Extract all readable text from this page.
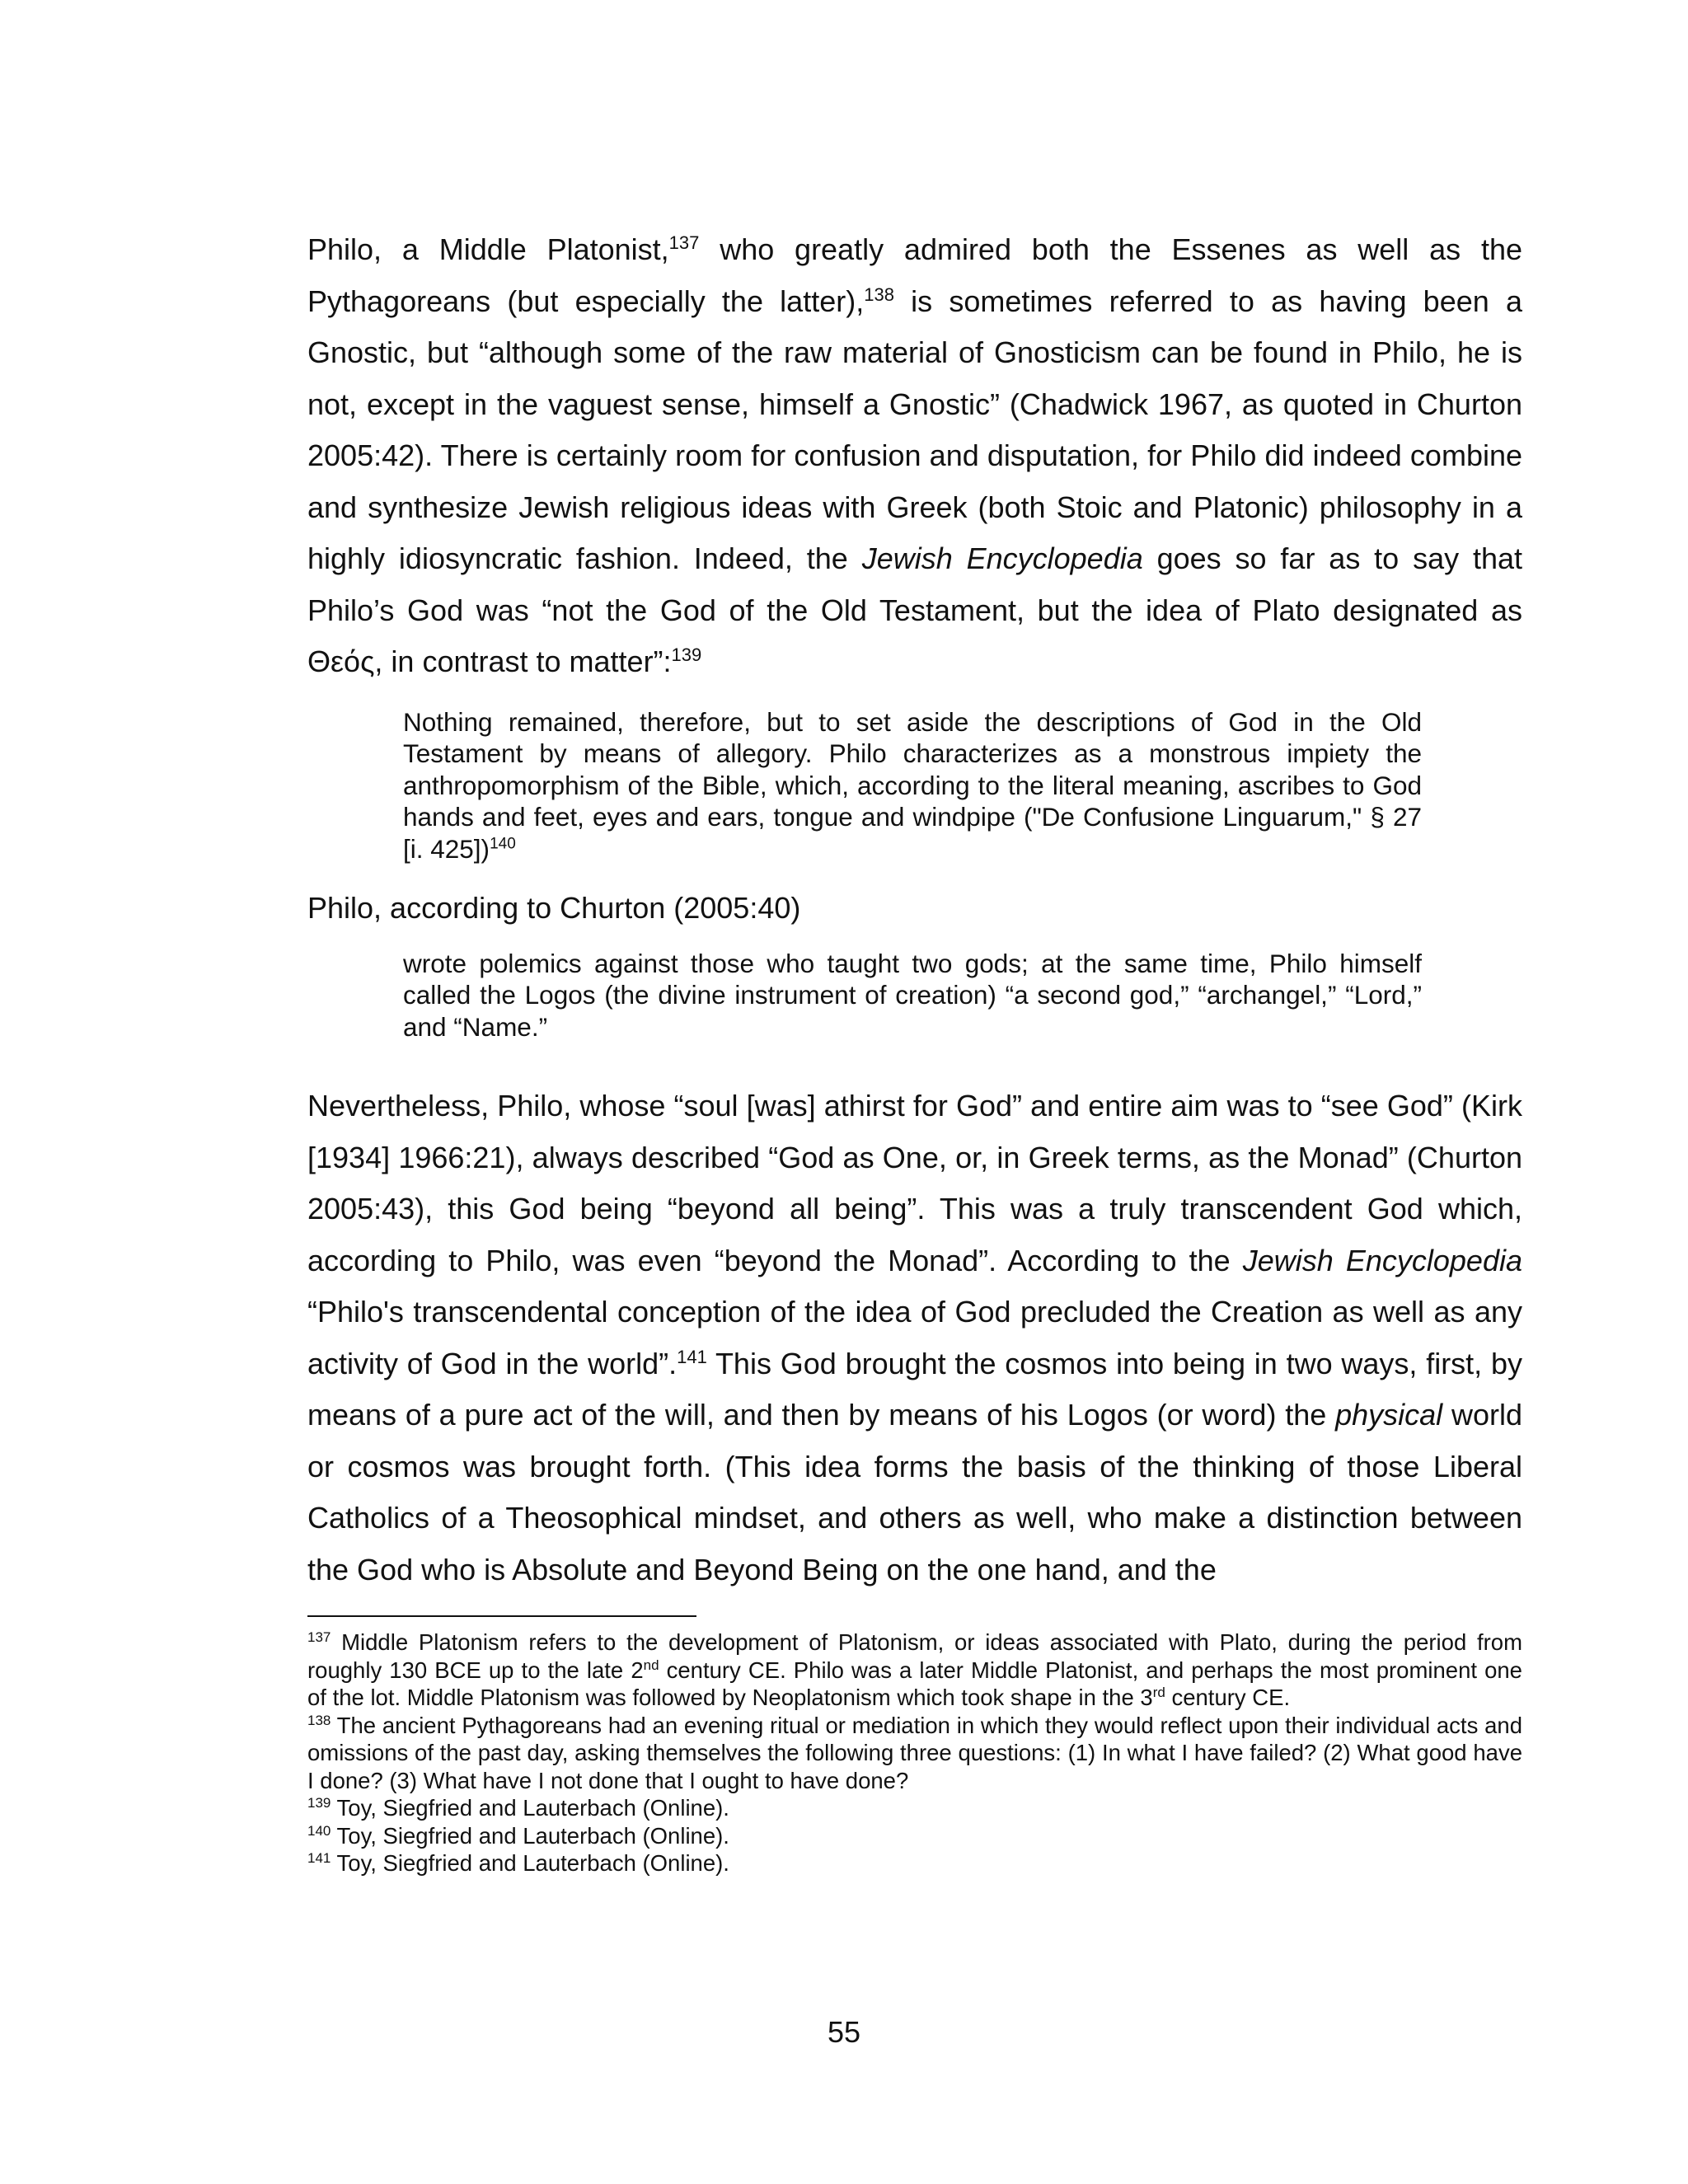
Philo, a Middle Platonist,$^{137}$ who greatly admired both the Essenes as well as the Pythagoreans (but especially the latter),$^{138}$ is sometimes referred to as having been a Gnostic, but “although some of the raw material of Gnosticism can be found in Philo, he is not, except in the vaguest sense, himself a Gnostic” (Chadwick 1967, as quoted in Churton 2005:42). There is certainly room for confusion and disputation, for Philo did indeed combine and synthesize Jewish religious ideas with Greek (both Stoic and Platonic) philosophy in a highly idiosyncratic fashion. Indeed, the Jewish Encyclopedia goes so far as to say that Philo’s God was “not the God of the Old Testament, but the idea of Plato designated as Θεός, in contrast to matter”:$^{139}$

Nothing remained, therefore, but to set aside the descriptions of God in the Old Testament by means of allegory. Philo characterizes as a monstrous impiety the anthropomorphism of the Bible, which, according to the literal meaning, ascribes to God hands and feet, eyes and ears, tongue and windpipe ("De Confusione Linguarum," § 27 [i. 425])$^{140}$

Philo, according to Churton (2005:40)

wrote polemics against those who taught two gods; at the same time, Philo himself called the Logos (the divine instrument of creation) “a second god,” “archangel,” “Lord,” and “Name.”

Nevertheless, Philo, whose “soul [was] athirst for God” and entire aim was to “see God” (Kirk [1934] 1966:21), always described “God as One, or, in Greek terms, as the Monad” (Churton 2005:43), this God being “beyond all being”. This was a truly transcendent God which, according to Philo, was even “beyond the Monad”. According to the Jewish Encyclopedia “Philo's transcendental conception of the idea of God precluded the Creation as well as any activity of God in the world”.$^{141}$ This God brought the cosmos into being in two ways, first, by means of a pure act of the will, and then by means of his Logos (or word) the physical world or cosmos was brought forth. (This idea forms the basis of the thinking of those Liberal Catholics of a Theosophical mindset, and others as well, who make a distinction between the God who is Absolute and Beyond Being on the one hand, and the

$^{137}$ Middle Platonism refers to the development of Platonism, or ideas associated with Plato, during the period from roughly 130 BCE up to the late 2nd century CE. Philo was a later Middle Platonist, and perhaps the most prominent one of the lot. Middle Platonism was followed by Neoplatonism which took shape in the 3rd century CE.

$^{138}$ The ancient Pythagoreans had an evening ritual or mediation in which they would reflect upon their individual acts and omissions of the past day, asking themselves the following three questions: (1) In what I have failed? (2) What good have I done? (3) What have I not done that I ought to have done?

$^{139}$ Toy, Siegfried and Lauterbach (Online).

$^{140}$ Toy, Siegfried and Lauterbach (Online).

$^{141}$ Toy, Siegfried and Lauterbach (Online).

55
